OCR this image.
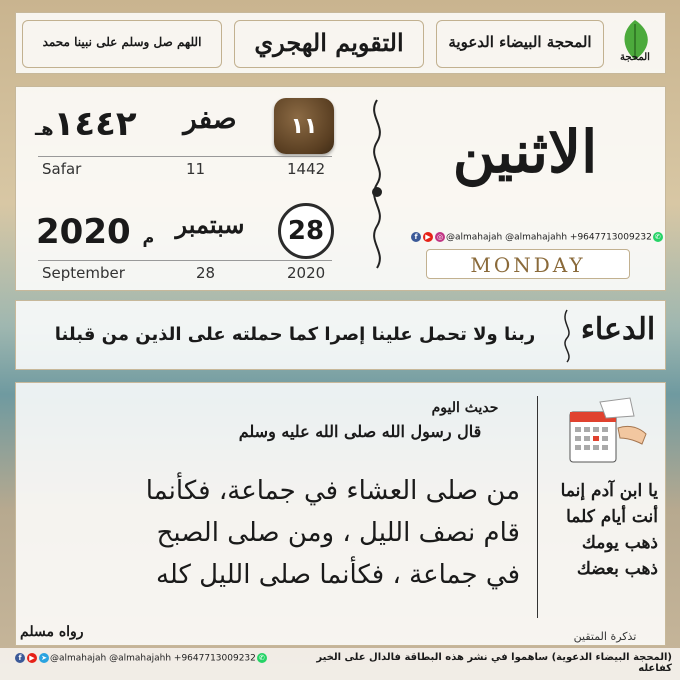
اللهم صل وسلم على نبينا محمد	التقويم الهجري	المحجة البيضاء الدعوية
المحجة
١١
صفر
١٤٤٢هـ
Safar	11	1442
28
سبتمبر
م 2020
September	28	2020
الاثنين
f ▶ ◎ @almahajah @almahajahh +9647713009232 ✆
MONDAY
الدعاء
ربنا ولا تحمل علينا إصرا كما حملته على الذين من قبلنا
حديث اليوم
قال رسول الله صلى الله عليه وسلم
من صلى العشاء في جماعة، فكأنما قام نصف الليل ، ومن صلى الصبح في جماعة ، فكأنما صلى الليل كله
رواه مسلم
يا ابن آدم إنما أنت أيام كلما ذهب يومك ذهب بعضك
تذكرة المتقين
(المحجة البيضاء الدعوية) ساهموا في نشر هذه البطاقة فالدال على الخير كفاعله
f ▶ ➤ @almahajah @almahajahh +9647713009232 ✆
